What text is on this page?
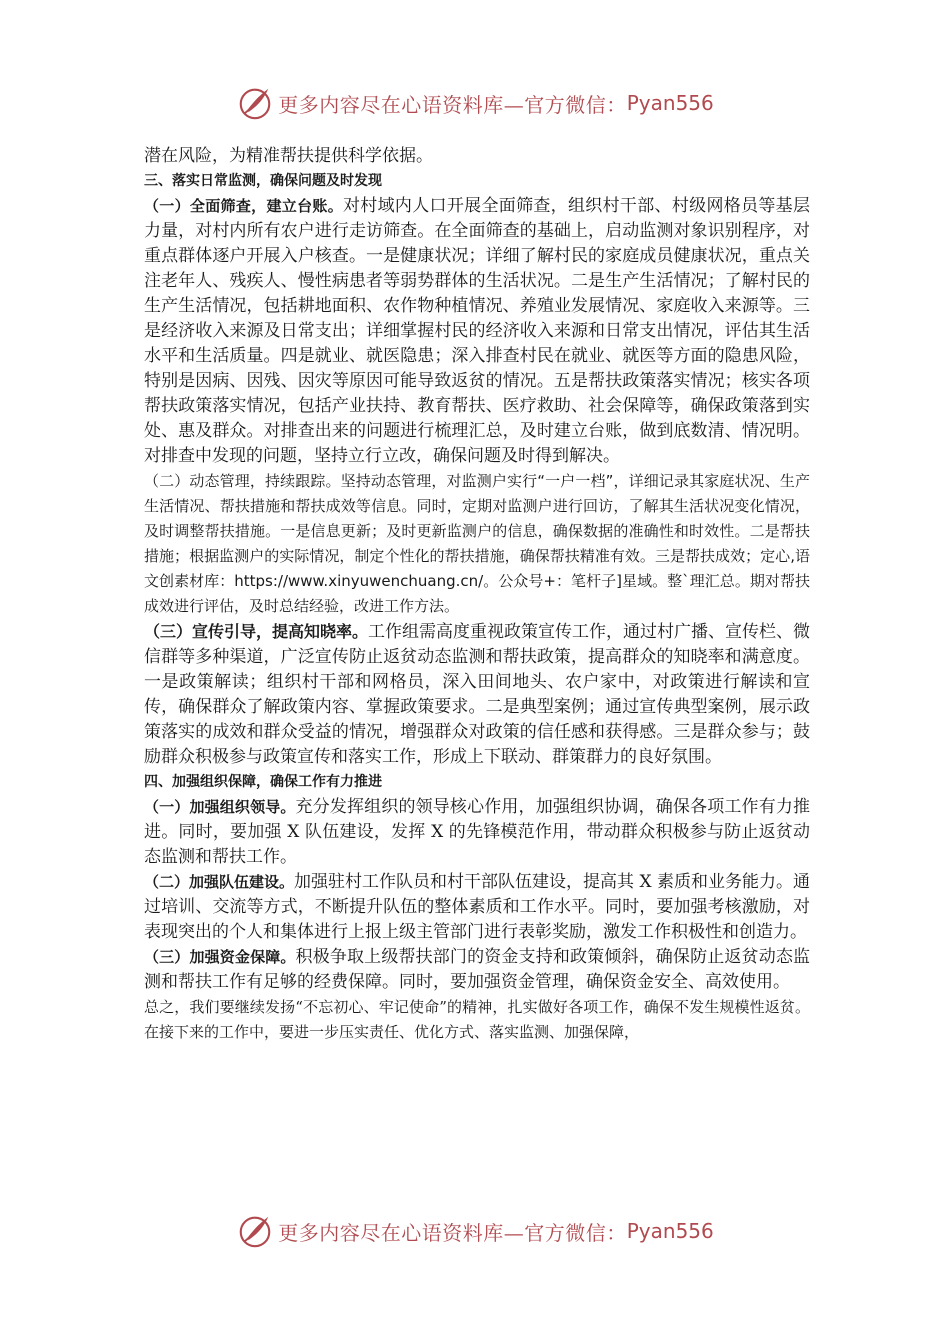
更多内容尽在心语资料库—官方微信： Pyan556

潜在风险，为精准帮扶提供科学依据。

三、落实日常监测，确保问题及时发现

（一）全面筛查，建立台账。对村域内人口开展全面筛查，组织村干部、村级网格员等基层力量，对村内所有农户进行走访筛查。在全面筛查的基础上，启动监测对象识别程序，对重点群体逐户开展入户核查。一是健康状况；详细了解村民的家庭成员健康状况，重点关注老年人、残疾人、慢性病患者等弱势群体的生活状况。二是生产生活情况；了解村民的生产生活情况，包括耕地面积、农作物种植情况、养殖业发展情况、家庭收入来源等。三是经济收入来源及日常支出；详细掌握村民的经济收入来源和日常支出情况，评估其生活水平和生活质量。四是就业、就医隐患；深入排查村民在就业、就医等方面的隐患风险，特别是因病、因残、因灾等原因可能导致返贫的情况。五是帮扶政策落实情况；核实各项帮扶政策落实情况，包括产业扶持、教育帮扶、医疗救助、社会保障等，确保政策落到实处、惠及群众。对排查出来的问题进行梳理汇总，及时建立台账，做到底数清、情况明。对排查中发现的问题，坚持立行立改，确保问题及时得到解决。

（二）动态管理，持续跟踪。坚持动态管理，对监测户实行“一户一档”，详细记录其家庭状况、生产生活情况、帮扶措施和帮扶成效等信息。同时，定期对监测户进行回访，了解其生活状况变化情况，及时调整帮扶措施。一是信息更新；及时更新监测户的信息，确保数据的准确性和时效性。二是帮扶措施；根据监测户的实际情况，制定个性化的帮扶措施，确保帮扶精准有效。三是帮扶成效；定心,语文创素材库：https://www.xinyuwenchuang.cn/。公众号+：笔杆子]星域。整`理汇总。期对帮扶成效进行评估，及时总结经验，改进工作方法。

（三）宣传引导，提高知晓率。工作组需高度重视政策宣传工作，通过村广播、宣传栏、微信群等多种渠道，广泛宣传防止返贫动态监测和帮扶政策，提高群众的知晓率和满意度。一是政策解读；组织村干部和网格员，深入田间地头、农户家中，对政策进行解读和宣传，确保群众了解政策内容、掌握政策要求。二是典型案例；通过宣传典型案例，展示政策落实的成效和群众受益的情况，增强群众对政策的信任感和获得感。三是群众参与；鼓励群众积极参与政策宣传和落实工作，形成上下联动、群策群力的良好氛围。

四、加强组织保障，确保工作有力推进

（一）加强组织领导。充分发挥组织的领导核心作用，加强组织协调，确保各项工作有力推进。同时，要加强 X 队伍建设，发挥 X 的先锋模范作用，带动群众积极参与防止返贫动态监测和帮扶工作。

（二）加强队伍建设。加强驻村工作队员和村干部队伍建设，提高其 X 素质和业务能力。通过培训、交流等方式，不断提升队伍的整体素质和工作水平。同时，要加强考核激励，对表现突出的个人和集体进行上报上级主管部门进行表彰奖励，激发工作积极性和创造力。

（三）加强资金保障。积极争取上级帮扶部门的资金支持和政策倾斜，确保防止返贫动态监测和帮扶工作有足够的经费保障。同时，要加强资金管理，确保资金安全、高效使用。

总之，我们要继续发扬“不忘初心、牢记使命”的精神，扎实做好各项工作，确保不发生规模性返贫。在接下来的工作中，要进一步压实责任、优化方式、落实监测、加强保障，

更多内容尽在心语资料库—官方微信： Pyan556
